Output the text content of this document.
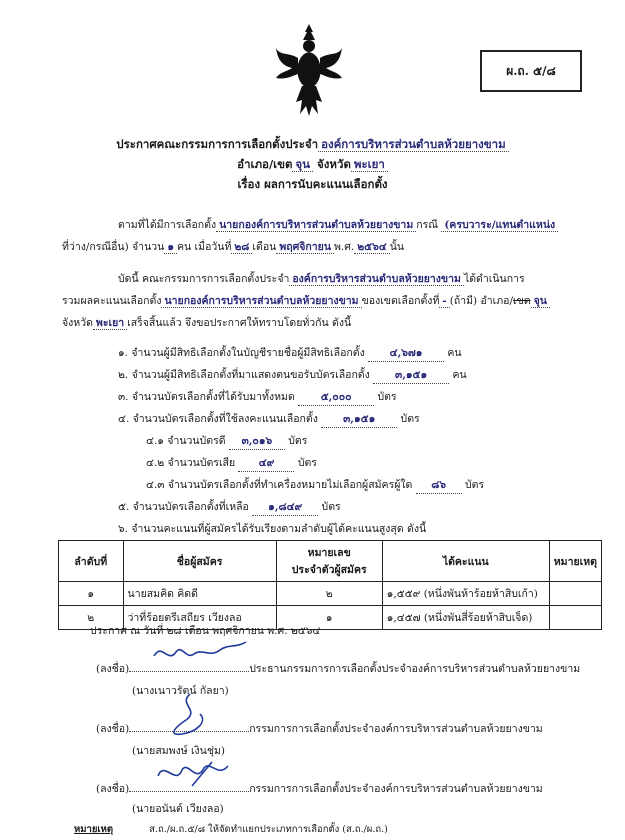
ผ.ถ. ๕/๘
ประกาศคณะกรรมการการเลือกตั้งประจำ องค์การบริหารส่วนตำบลห้วยยางขาม
อำเภอ/เขต จุน จังหวัด พะเยา
เรื่อง ผลการนับคะแนนเลือกตั้ง
ตามที่ได้มีการเลือกตั้ง นายกองค์การบริหารส่วนตำบลห้วยยางขาม กรณี (ครบวาระ/แทนตำแหน่ง
ที่ว่าง/กรณีอื่น) จำนวน ๑ คน เมื่อวันที่ ๒๘ เดือน พฤศจิกายน พ.ศ. ๒๕๖๔ นั้น
บัดนี้ คณะกรรมการการเลือกตั้งประจำ องค์การบริหารส่วนตำบลห้วยยางขาม ได้ดำเนินการ
รวมผลคะแนนเลือกตั้ง นายกองค์การบริหารส่วนตำบลห้วยยางขาม ของเขตเลือกตั้งที่ - (ถ้ามี) อำเภอ/เขต จุน
จังหวัด พะเยา เสร็จสิ้นแล้ว จึงขอประกาศให้ทราบโดยทั่วกัน ดังนี้
๑. จำนวนผู้มีสิทธิเลือกตั้งในบัญชีรายชื่อผู้มีสิทธิเลือกตั้ง ๔,๖๗๑ คน
๒. จำนวนผู้มีสิทธิเลือกตั้งที่มาแสดงตนขอรับบัตรเลือกตั้ง ๓,๑๕๑ คน
๓. จำนวนบัตรเลือกตั้งที่ได้รับมาทั้งหมด ๕,๐๐๐ บัตร
๔. จำนวนบัตรเลือกตั้งที่ใช้ลงคะแนนเลือกตั้ง ๓,๑๕๑ บัตร
๔.๑ จำนวนบัตรดี ๓,๐๑๖ บัตร
๔.๒ จำนวนบัตรเสีย ๔๙ บัตร
๔.๓ จำนวนบัตรเลือกตั้งที่ทำเครื่องหมายไม่เลือกผู้สมัครผู้ใด ๘๖ บัตร
๕. จำนวนบัตรเลือกตั้งที่เหลือ ๑,๘๔๙ บัตร
๖. จำนวนคะแนนที่ผู้สมัครได้รับเรียงตามลำดับผู้ได้คะแนนสูงสุด ดังนี้
ลำดับที่	ชื่อผู้สมัคร	หมายเลข
ประจำตัวผู้สมัคร	ได้คะแนน	หมายเหตุ
๑	นายสมคิด คิดดี	๒	๑,๕๕๙ (หนึ่งพันห้าร้อยห้าสิบเก้า)	
๒	ว่าที่ร้อยตรีเสถียร เวียงลอ	๑	๑,๔๕๗ (หนึ่งพันสี่ร้อยห้าสิบเจ็ด)	
ประกาศ ณ วันที่ ๒๘ เดือน พฤศจิกายน พ.ศ. ๒๕๖๔
(ลงชื่อ)	ประธานกรรมการการเลือกตั้งประจำองค์การบริหารส่วนตำบลห้วยยางขาม
(นางเนาวรัตน์ กัลยา)
(ลงชื่อ)	กรรมการการเลือกตั้งประจำองค์การบริหารส่วนตำบลห้วยยางขาม
(นายสมพงษ์ เงินชุ่ม)
(ลงชื่อ)	กรรมการการเลือกตั้งประจำองค์การบริหารส่วนตำบลห้วยยางขาม
(นายอนันต์ เวียงลอ)
หมายเหตุ	ส.ถ./ผ.ถ.๕/๘ ให้จัดทำแยกประเภทการเลือกตั้ง (ส.ถ./ผ.ถ.)
